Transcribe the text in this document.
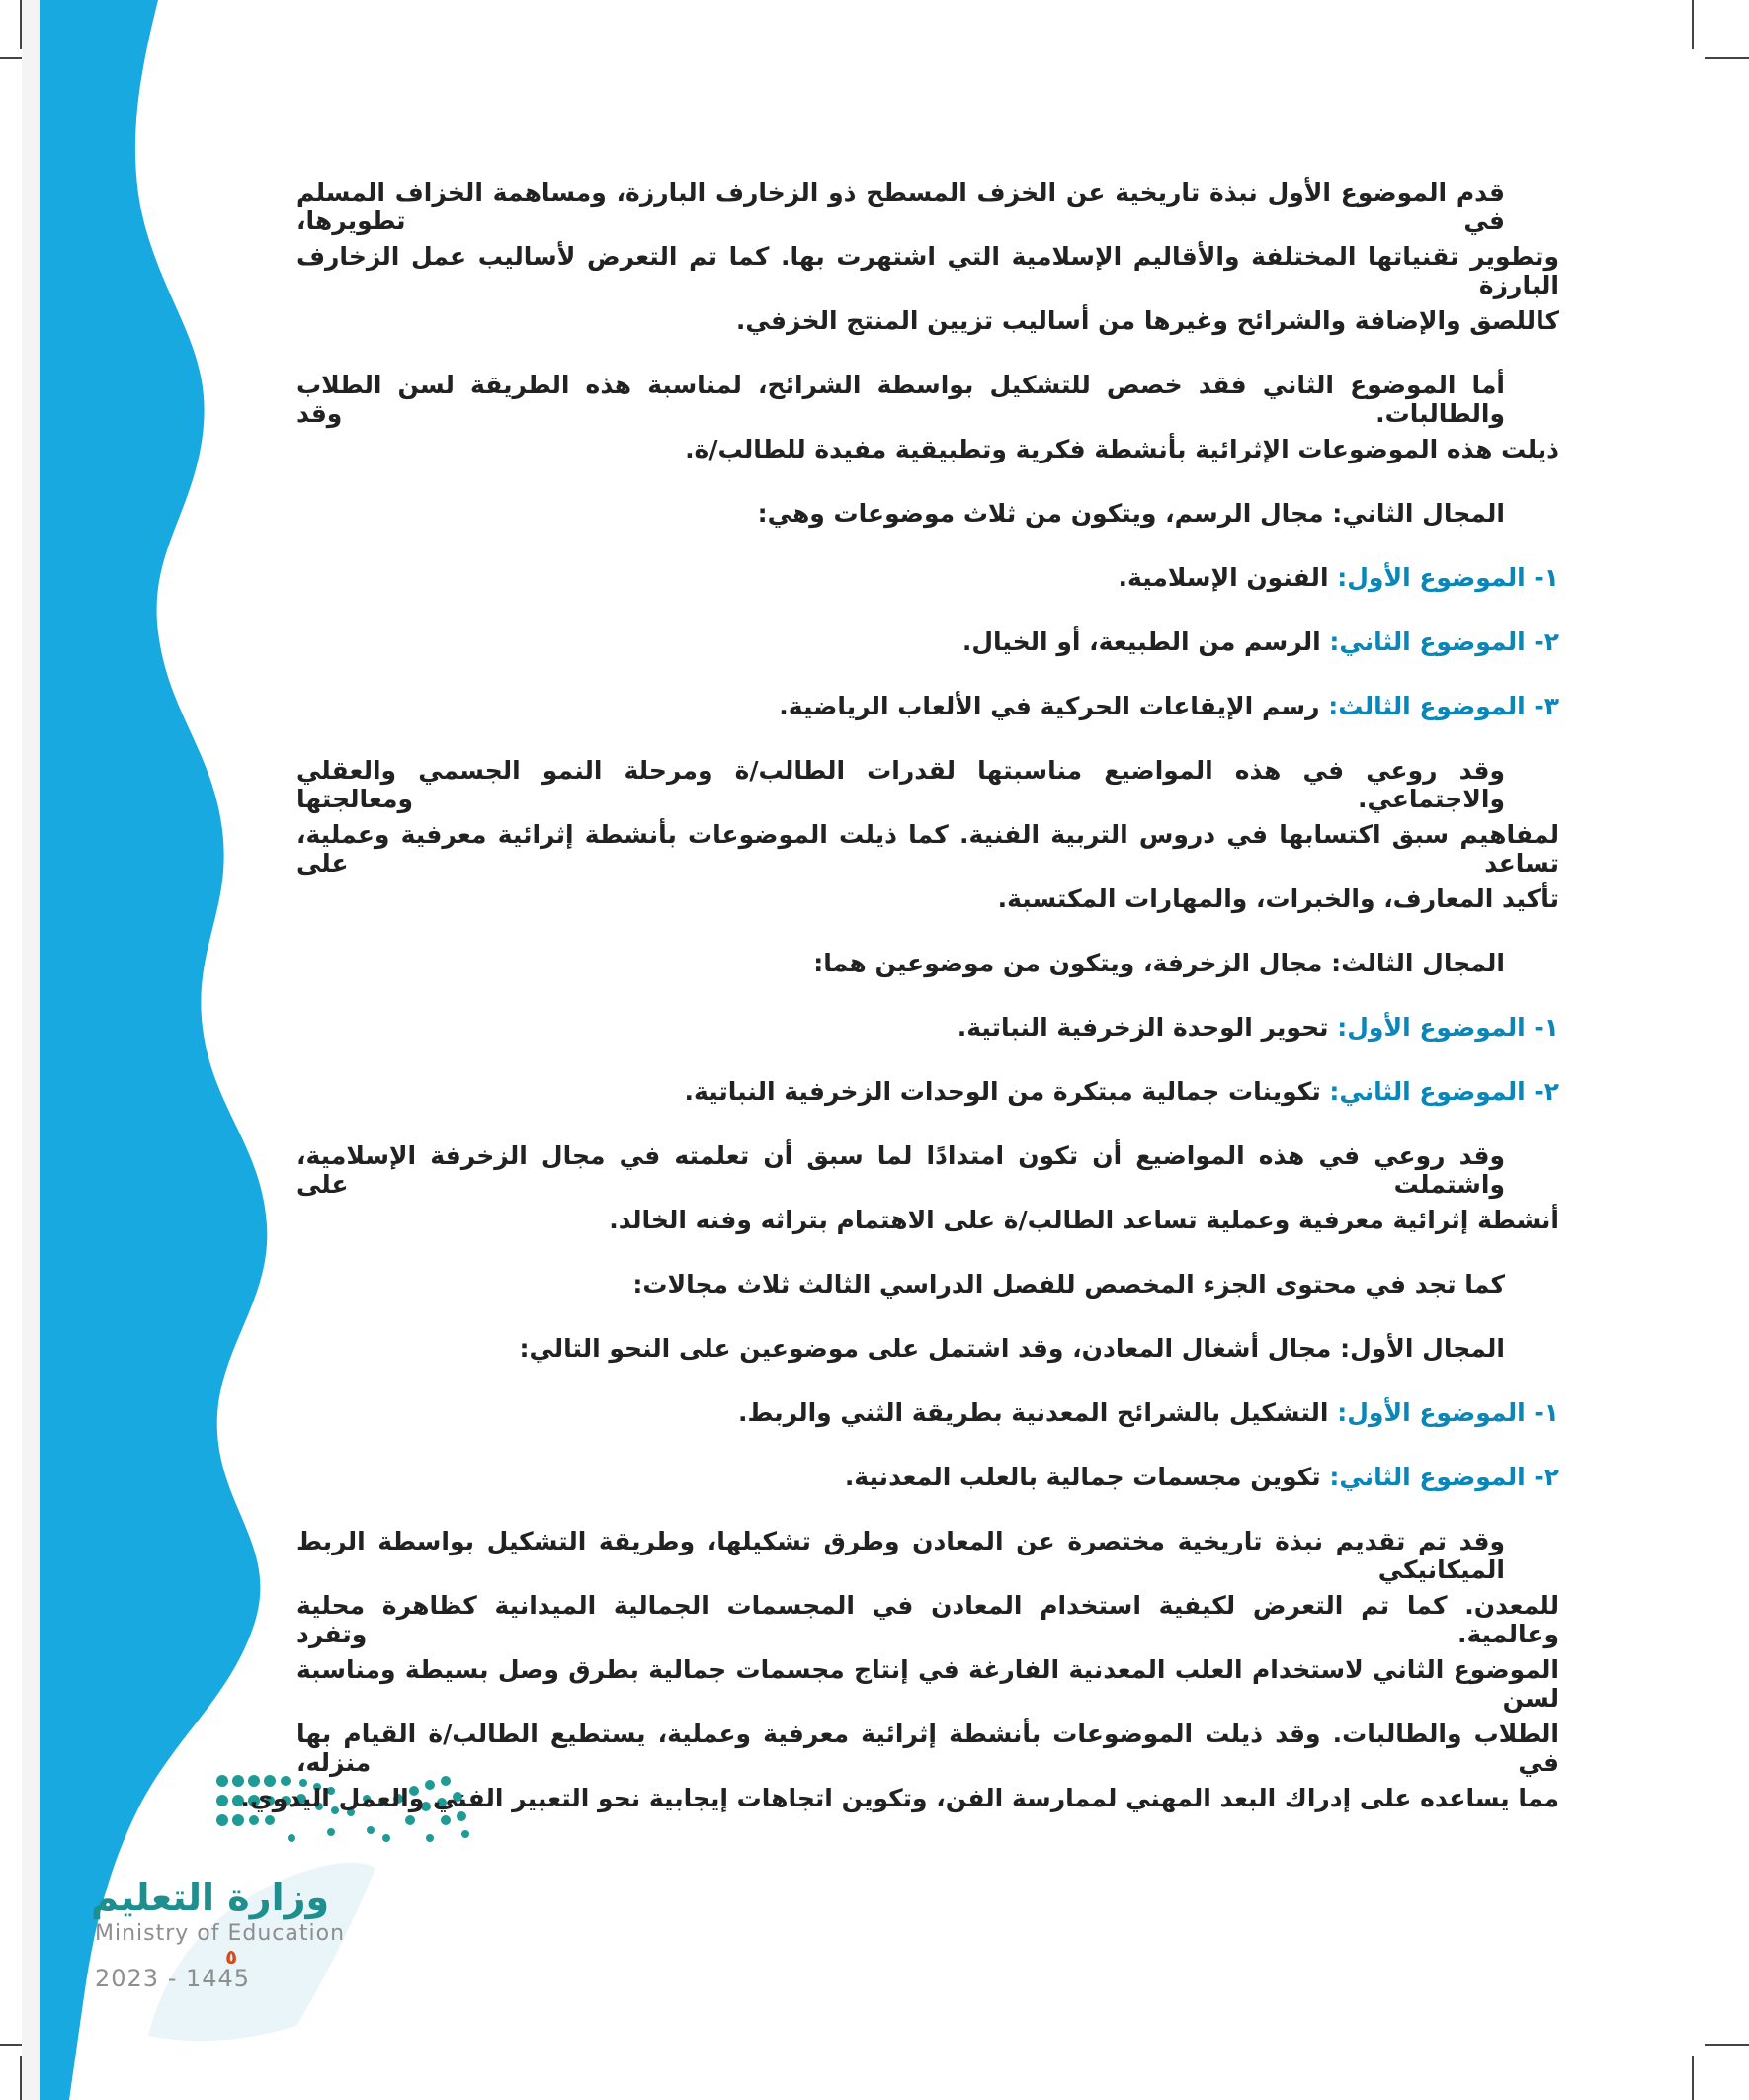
وزارة التعليم
Ministry of Education
2023 - 1445
٥
قدم الموضوع الأول نبذة تاريخية عن الخزف المسطح ذو الزخارف البارزة، ومساهمة الخزاف المسلم في تطويرها،
وتطوير تقنياتها المختلفة والأقاليم الإسلامية التي اشتهرت بها. كما تم التعرض لأساليب عمل الزخارف البارزة
كاللصق والإضافة والشرائح وغيرها من أساليب تزيين المنتج الخزفي.
أما الموضوع الثاني فقد خصص للتشكيل بواسطة الشرائح، لمناسبة هذه الطريقة لسن الطلاب والطالبات. وقد
ذيلت هذه الموضوعات الإثرائية بأنشطة فكرية وتطبيقية مفيدة للطالب/ة.
المجال الثاني: مجال الرسم، ويتكون من ثلاث موضوعات وهي:
١- الموضوع الأول: الفنون الإسلامية.
٢- الموضوع الثاني: الرسم من الطبيعة، أو الخيال.
٣- الموضوع الثالث: رسم الإيقاعات الحركية في الألعاب الرياضية.
وقد روعي في هذه المواضيع مناسبتها لقدرات الطالب/ة ومرحلة النمو الجسمي والعقلي والاجتماعي. ومعالجتها
لمفاهيم سبق اكتسابها في دروس التربية الفنية. كما ذيلت الموضوعات بأنشطة إثرائية معرفية وعملية، تساعد على
تأكيد المعارف، والخبرات، والمهارات المكتسبة.
المجال الثالث: مجال الزخرفة، ويتكون من موضوعين هما:
١- الموضوع الأول: تحوير الوحدة الزخرفية النباتية.
٢- الموضوع الثاني: تكوينات جمالية مبتكرة من الوحدات الزخرفية النباتية.
وقد روعي في هذه المواضيع أن تكون امتدادًا لما سبق أن تعلمته في مجال الزخرفة الإسلامية، واشتملت على
أنشطة إثرائية معرفية وعملية تساعد الطالب/ة على الاهتمام بتراثه وفنه الخالد.
كما تجد في محتوى الجزء المخصص للفصل الدراسي الثالث ثلاث مجالات:
المجال الأول: مجال أشغال المعادن، وقد اشتمل على موضوعين على النحو التالي:
١- الموضوع الأول: التشكيل بالشرائح المعدنية بطريقة الثني والربط.
٢- الموضوع الثاني: تكوين مجسمات جمالية بالعلب المعدنية.
وقد تم تقديم نبذة تاريخية مختصرة عن المعادن وطرق تشكيلها، وطريقة التشكيل بواسطة الربط الميكانيكي
للمعدن. كما تم التعرض لكيفية استخدام المعادن في المجسمات الجمالية الميدانية كظاهرة محلية وعالمية. وتفرد
الموضوع الثاني لاستخدام العلب المعدنية الفارغة في إنتاج مجسمات جمالية بطرق وصل بسيطة ومناسبة لسن
الطلاب والطالبات. وقد ذيلت الموضوعات بأنشطة إثرائية معرفية وعملية، يستطيع الطالب/ة القيام بها في منزله،
مما يساعده على إدراك البعد المهني لممارسة الفن، وتكوين اتجاهات إيجابية نحو التعبير الفني والعمل اليدوي.
